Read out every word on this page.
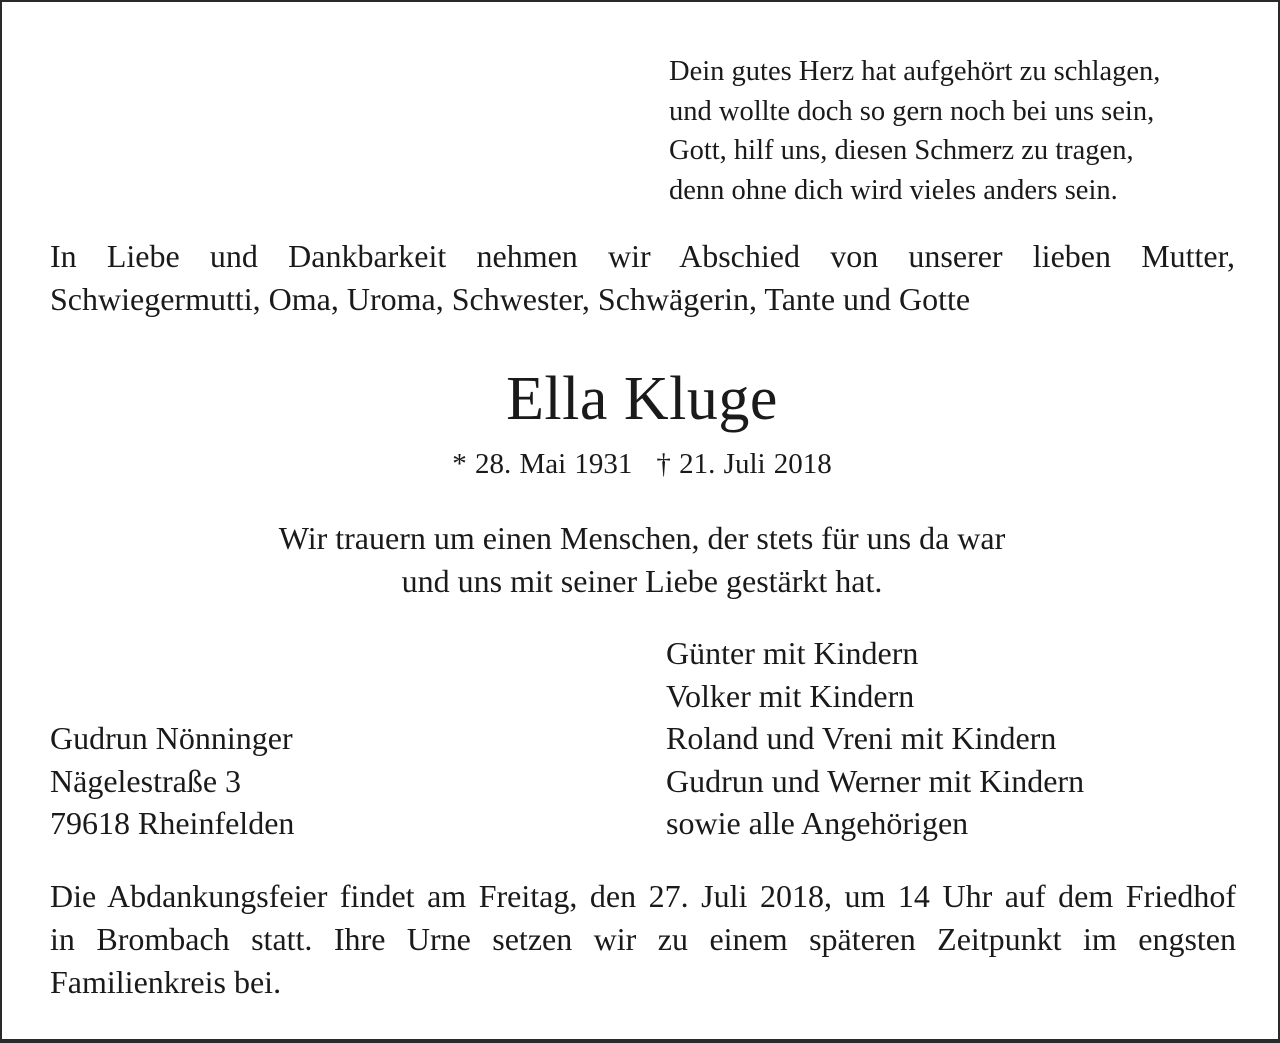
Dein gutes Herz hat aufgehört zu schlagen,
und wollte doch so gern noch bei uns sein,
Gott, hilf uns, diesen Schmerz zu tragen,
denn ohne dich wird vieles anders sein.
In Liebe und Dankbarkeit nehmen wir Abschied von unserer lieben Mutter,
Schwiegermutti, Oma, Uroma, Schwester, Schwägerin, Tante und Gotte
Ella Kluge
* 28. Mai 1931 † 21. Juli 2018
Wir trauern um einen Menschen, der stets für uns da war
und uns mit seiner Liebe gestärkt hat.
Günter mit Kindern
Volker mit Kindern
Roland und Vreni mit Kindern
Gudrun und Werner mit Kindern
sowie alle Angehörigen
Gudrun Nönninger
Nägelestraße 3
79618 Rheinfelden
Die Abdankungsfeier findet am Freitag, den 27. Juli 2018, um 14 Uhr auf dem Friedhof
in Brombach statt. Ihre Urne setzen wir zu einem späteren Zeitpunkt im engsten
Familienkreis bei.
